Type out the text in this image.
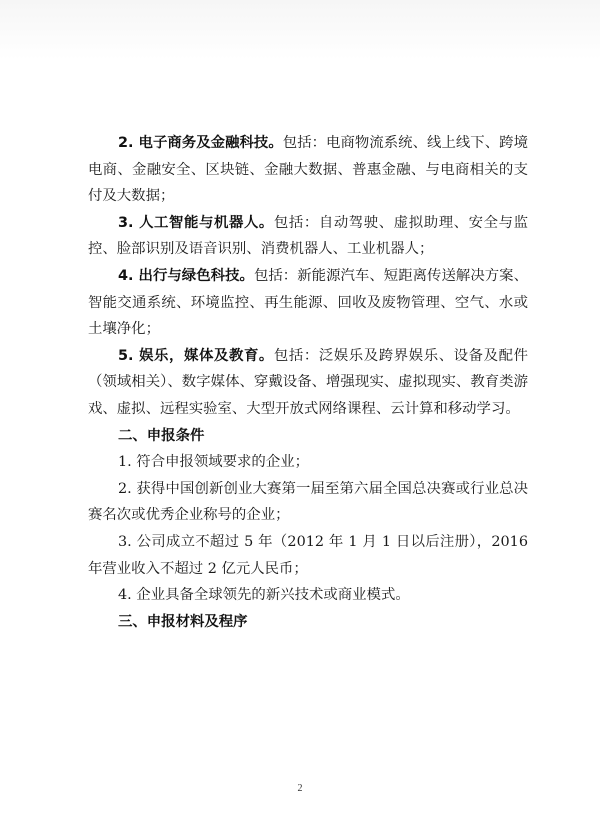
2. 电子商务及金融科技。包括：电商物流系统、线上线下、跨境电商、金融安全、区块链、金融大数据、普惠金融、与电商相关的支付及大数据；

3. 人工智能与机器人。包括：自动驾驶、虚拟助理、安全与监控、脸部识别及语音识别、消费机器人、工业机器人；

4. 出行与绿色科技。包括：新能源汽车、短距离传送解决方案、智能交通系统、环境监控、再生能源、回收及废物管理、空气、水或土壤净化；

5. 娱乐，媒体及教育。包括：泛娱乐及跨界娱乐、设备及配件（领域相关）、数字媒体、穿戴设备、增强现实、虚拟现实、教育类游戏、虚拟、远程实验室、大型开放式网络课程、云计算和移动学习。

二、申报条件

1. 符合申报领域要求的企业；

2. 获得中国创新创业大赛第一届至第六届全国总决赛或行业总决赛名次或优秀企业称号的企业；

3. 公司成立不超过 5 年（2012 年 1 月 1 日以后注册），2016 年营业收入不超过 2 亿元人民币；

4. 企业具备全球领先的新兴技术或商业模式。

三、申报材料及程序

2
